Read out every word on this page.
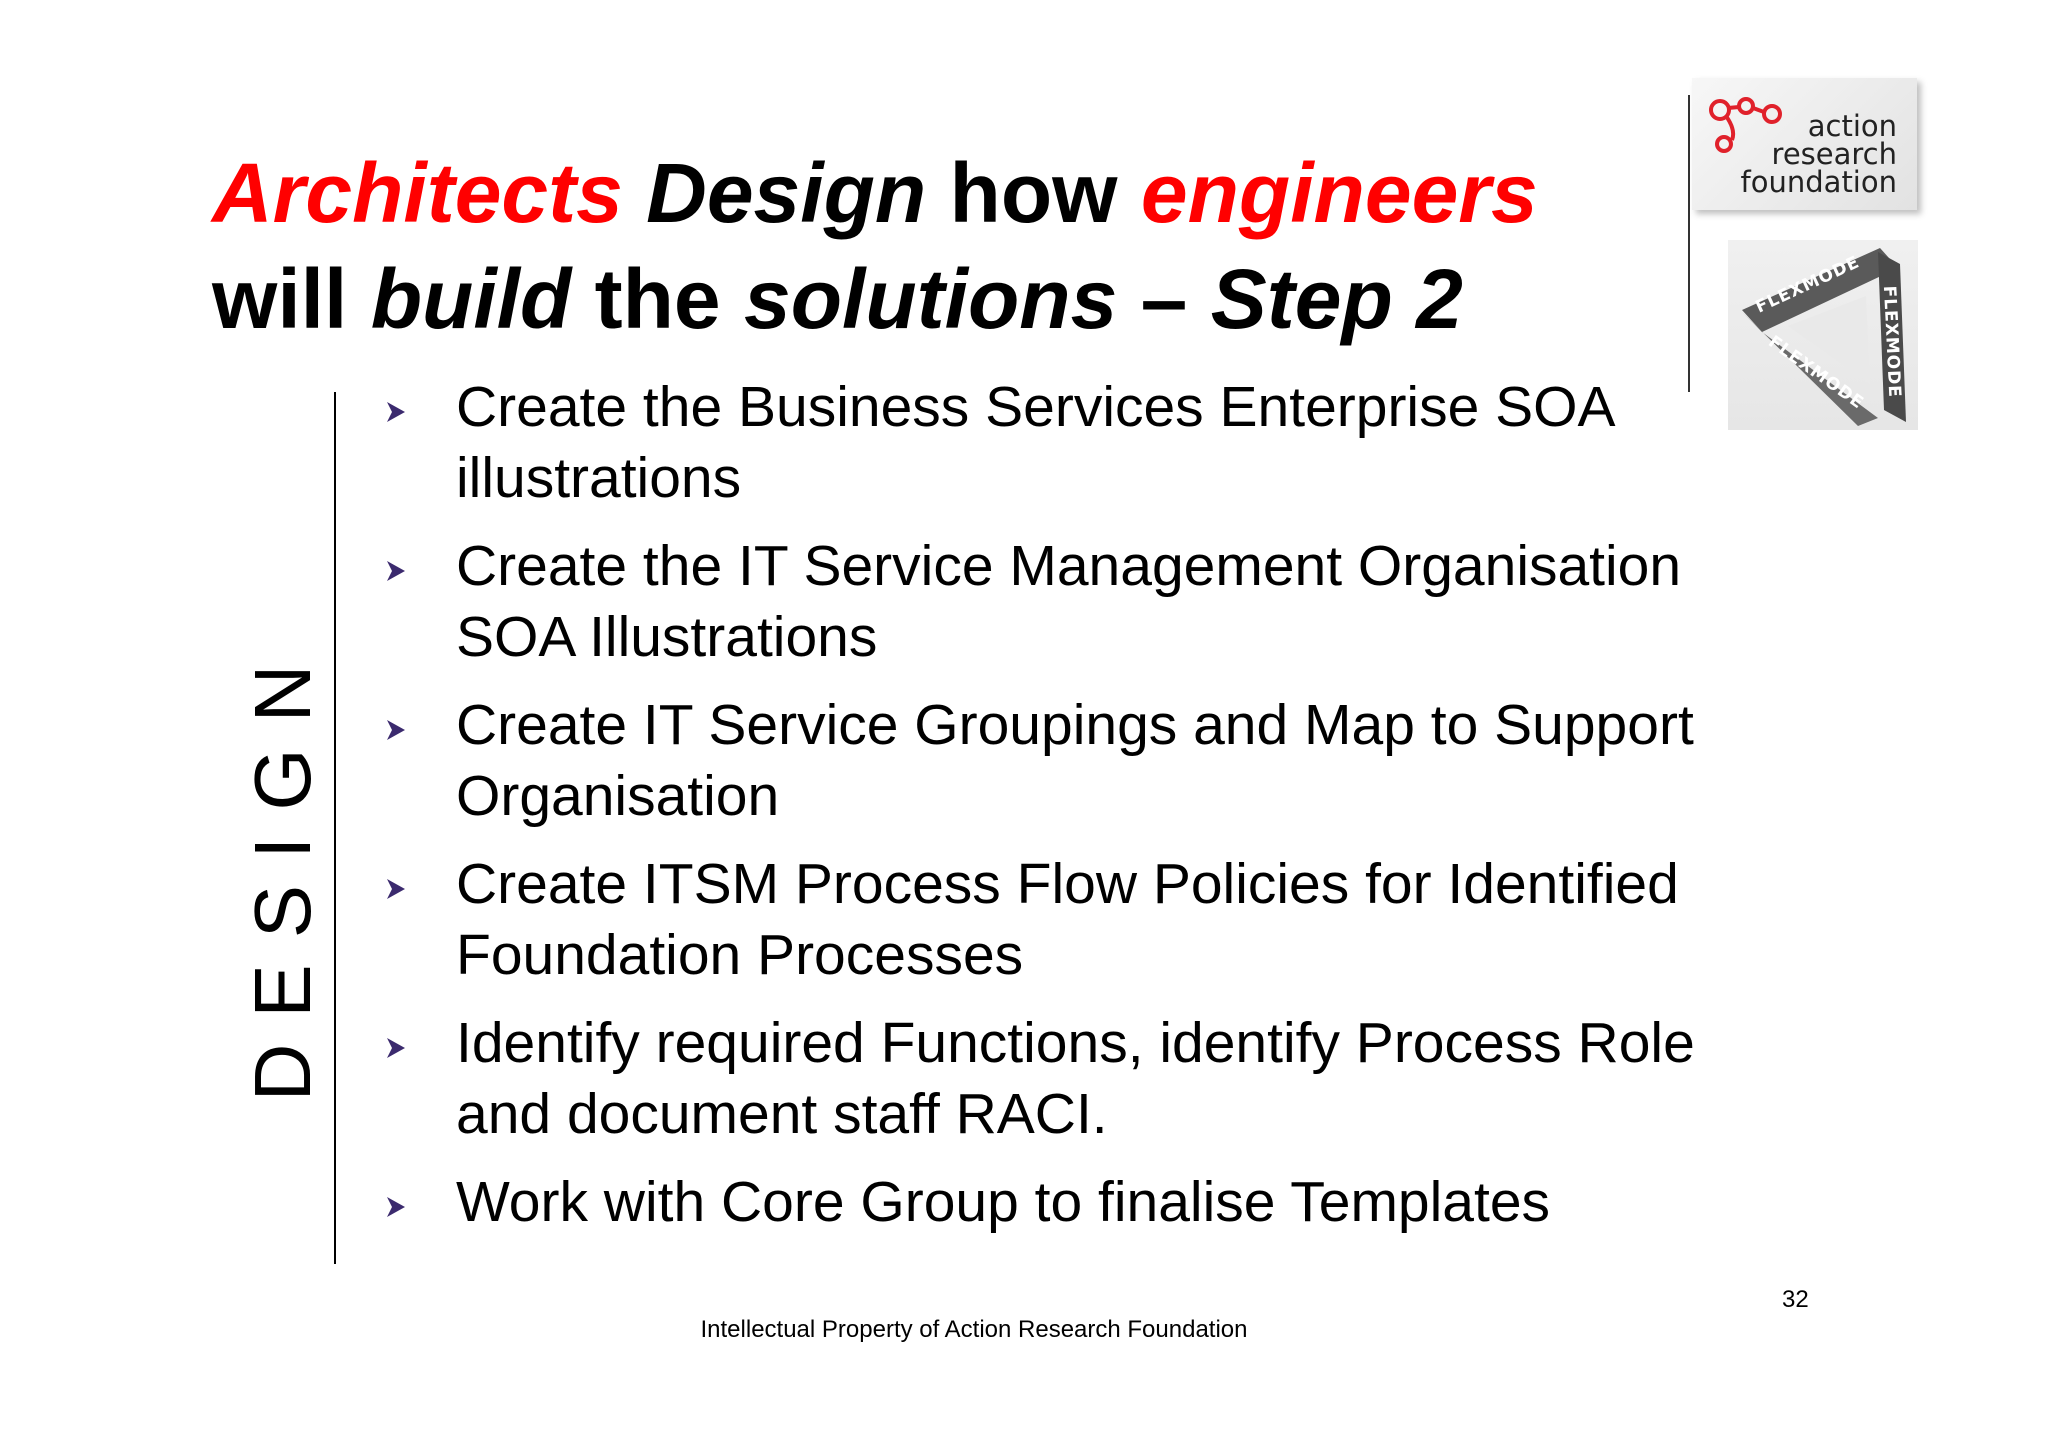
Architects Design how engineers
will build the solutions – Step 2
action
research
foundation
FLEXMODE
FLEXMODE
FLEXMODE
DESIGN
Create the Business Services Enterprise SOA illustrations
Create the IT Service Management Organisation SOA Illustrations
Create IT Service Groupings and Map to Support Organisation
Create ITSM Process Flow Policies for Identified Foundation Processes
Identify required Functions, identify Process Role and document staff RACI.
Work with Core Group to finalise Templates
32
Intellectual Property of Action Research Foundation
